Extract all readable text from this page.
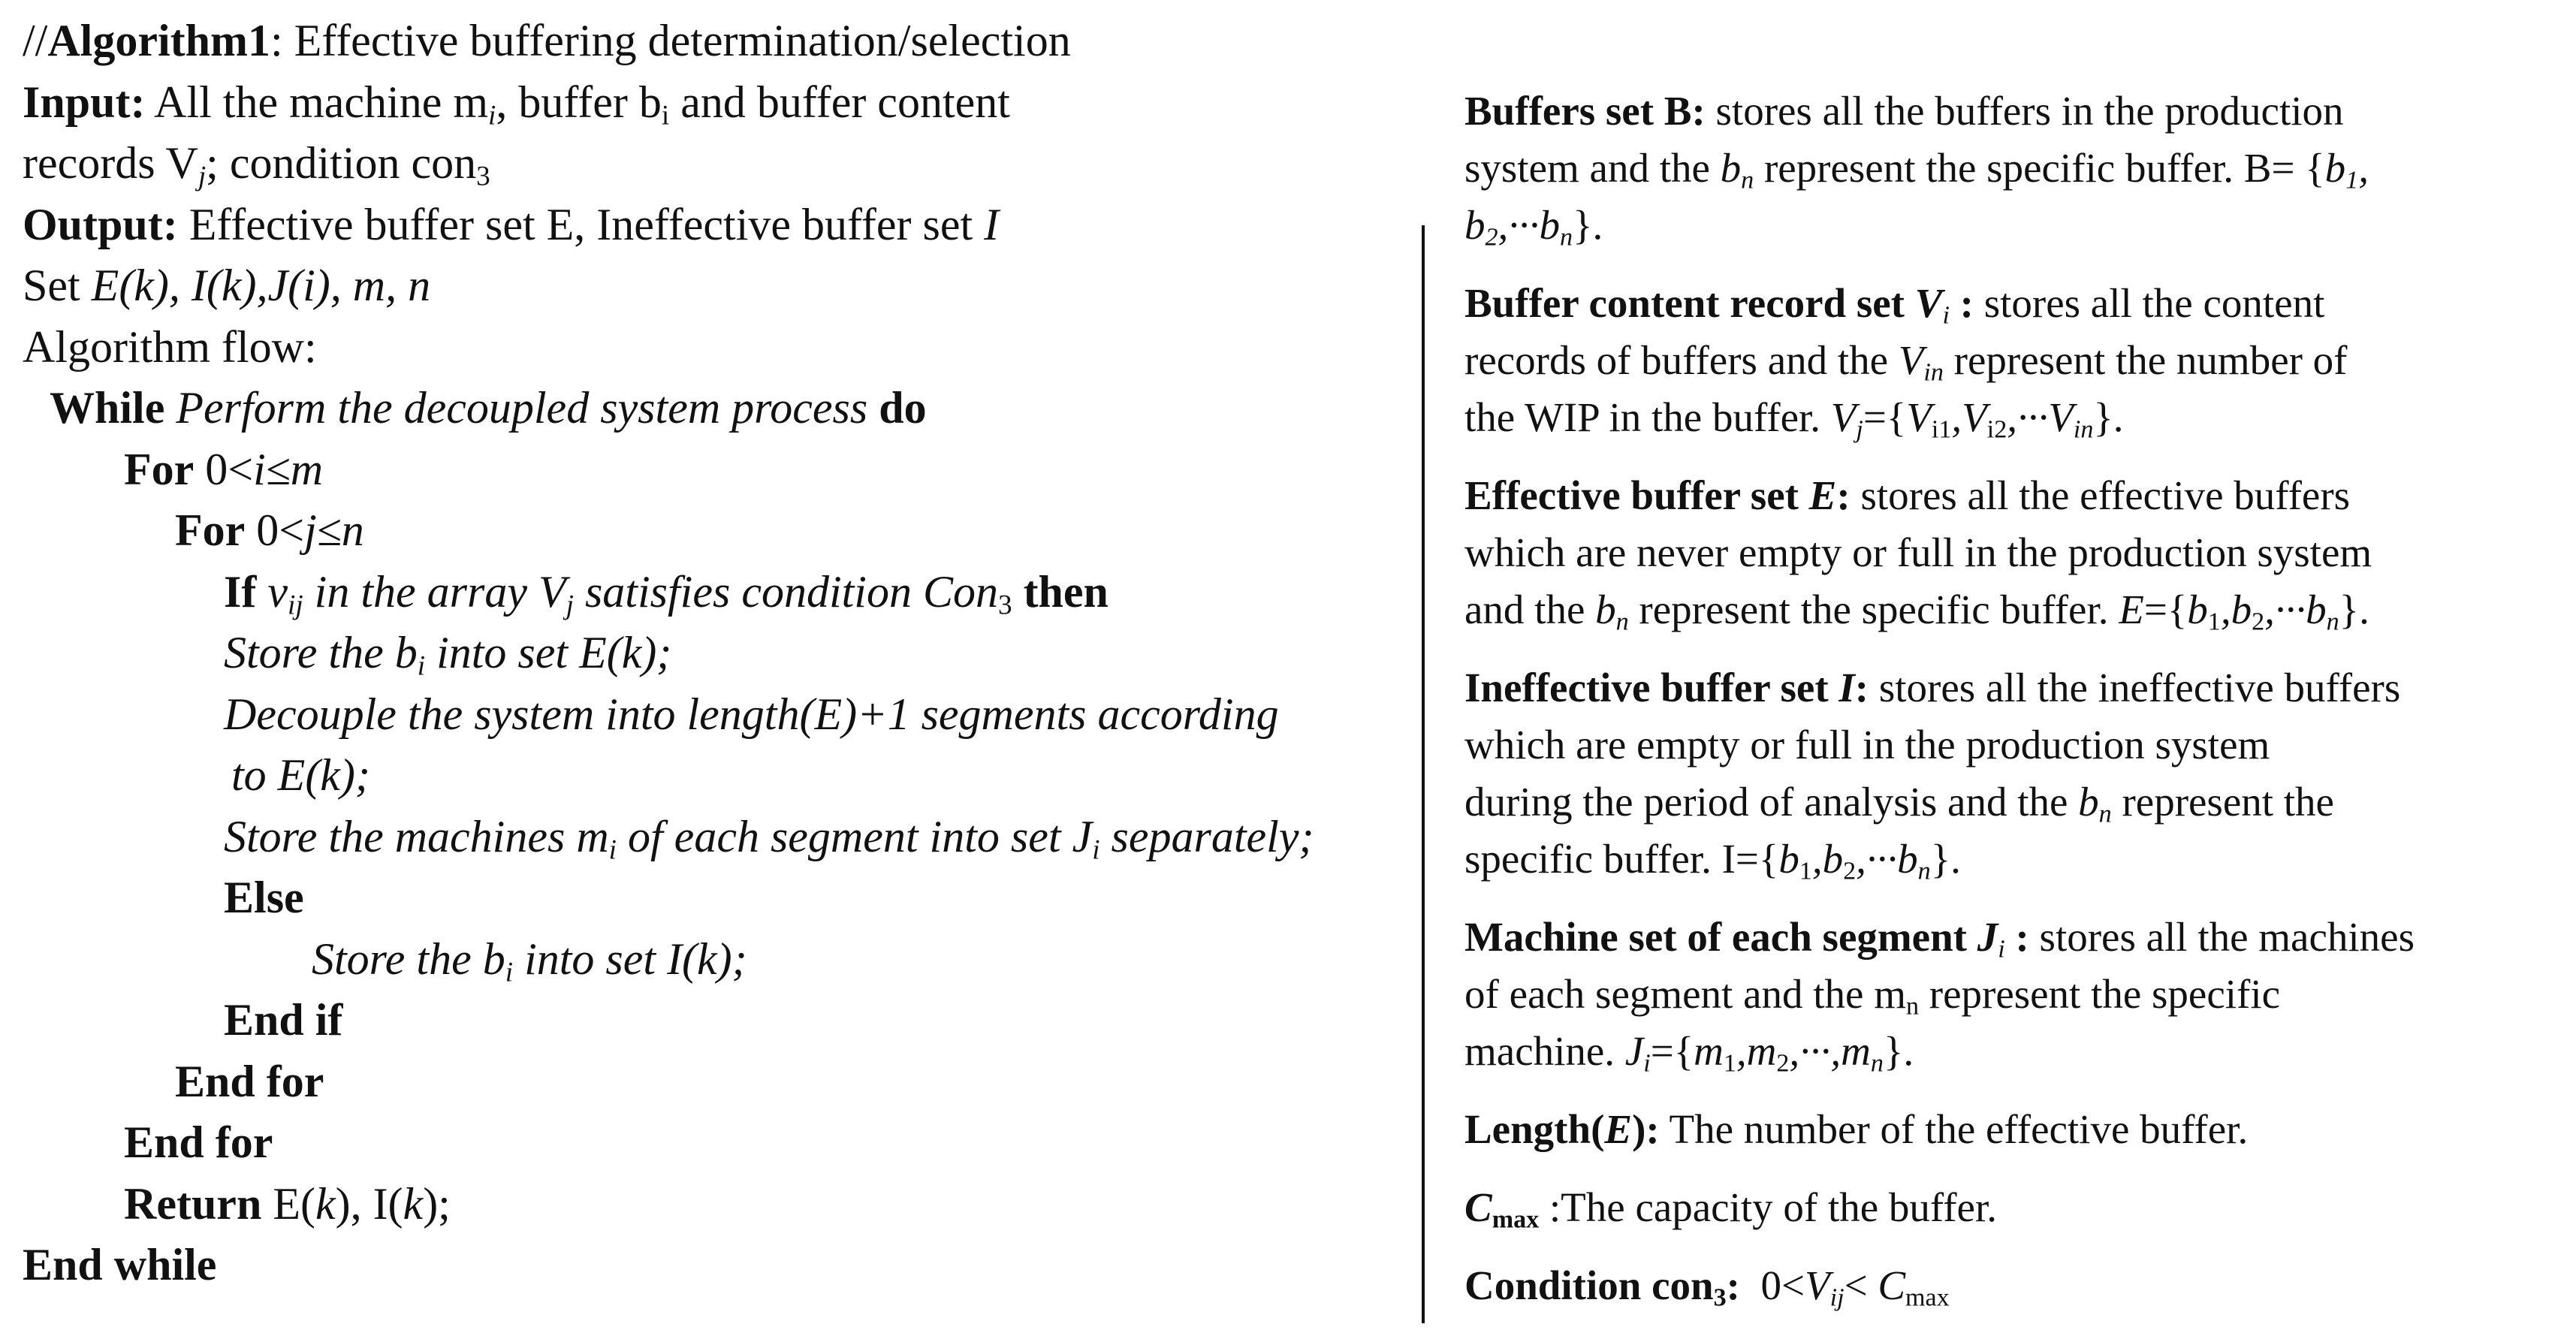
//Algorithm1: Effective buffering determination/selection
Input: All the machine $m_i$, buffer $b_i$ and buffer content
records $V_j$; condition con$_3$
Output: Effective buffer set E, Ineffective buffer set I
Set E(k), I(k),J(i), m, n
Algorithm flow:
While Perform the decoupled system process do
For 0<i≤m
For 0<j≤n
If $v_{ij}$ in the array $V_j$ satisfies condition Con$_3$ then
Store the $b_i$ into set E(k);
Decouple the system into length(E)+1 segments according
to E(k);
Store the machines $m_i$ of each segment into set $J_i$ separately;
Else
Store the $b_i$ into set I(k);
End if
End for
End for
Return E(k), I(k);
End while
Buffers set B: stores all the buffers in the production
system and the $b_n$ represent the specific buffer. $B= \{b_1$,
$b_2,\cdot\cdot\cdot b_n$}.
Buffer content record set $V_i$ : stores all the content
records of buffers and the $V_{in}$ represent the number of
the WIP in the buffer. $V_j=\{V_{i1},V_{i2},\cdot\cdot\cdot V_{in}\}$.
Effective buffer set E: stores all the effective buffers
which are never empty or full in the production system
and the $b_n$ represent the specific buffer. $E=\{b_1,b_2,\cdot\cdot\cdot b_n\}$.
Ineffective buffer set I: stores all the ineffective buffers
which are empty or full in the production system
during the period of analysis and the $b_n$ represent the
specific buffer. $I=\{b_1,b_2,\cdot\cdot\cdot b_n\}$.
Machine set of each segment $J_i$ : stores all the machines
of each segment and the $m_n$ represent the specific
machine. $J_i=\{m_1,m_2,\cdot\cdot\cdot,m_n\}$.
Length(E): The number of the effective buffer.
$C_{max}$ :The capacity of the buffer.
Condition con$_3$:  $0<V_{ij}< C_{max}$
